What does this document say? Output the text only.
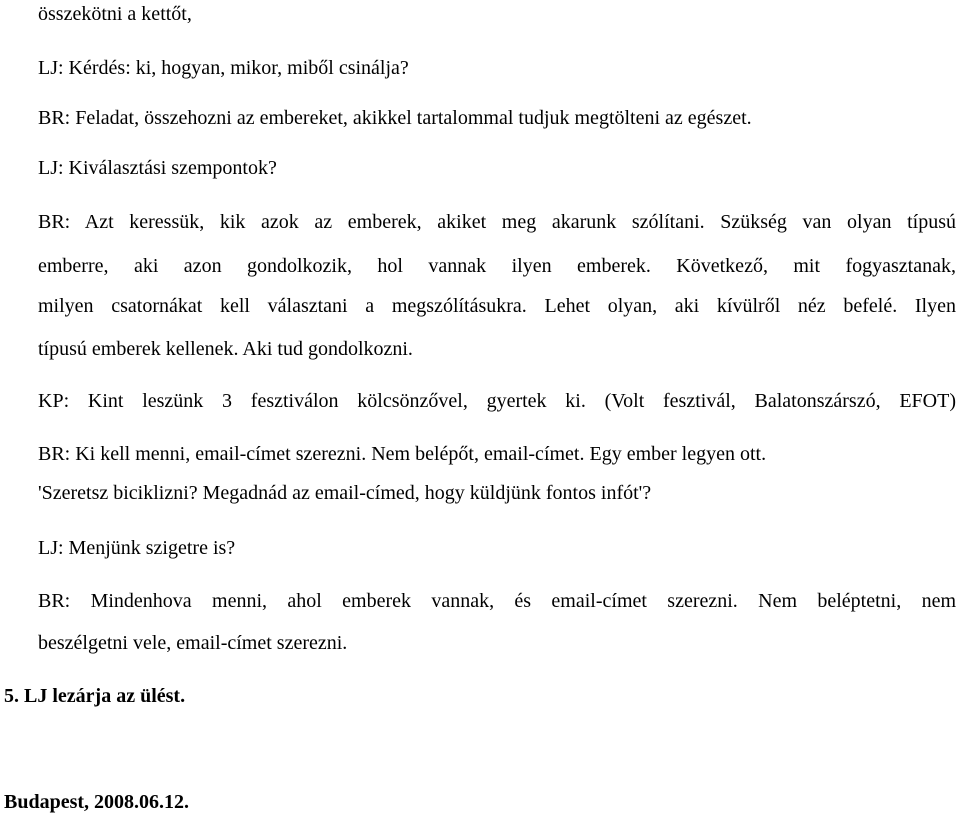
összekötni a kettőt,

LJ: Kérdés: ki, hogyan, mikor, miből csinálja?

BR: Feladat, összehozni az embereket, akikkel tartalommal tudjuk megtölteni az egészet.

LJ: Kiválasztási szempontok?

BR: Azt keressük, kik azok az emberek, akiket meg akarunk szólítani. Szükség van olyan típusú

emberre, aki azon gondolkozik, hol vannak ilyen emberek. Következő, mit fogyasztanak,

milyen csatornákat kell választani a megszólításukra. Lehet olyan, aki kívülről néz befelé. Ilyen

típusú emberek kellenek. Aki tud gondolkozni.

KP: Kint leszünk 3 fesztiválon kölcsönzővel, gyertek ki. (Volt fesztivál, Balatonszárszó, EFOT)

BR: Ki kell menni, email-címet szerezni. Nem belépőt, email-címet. Egy ember legyen ott.

'Szeretsz biciklizni? Megadnád az email-címed, hogy küldjünk fontos infót'?

LJ: Menjünk szigetre is?

BR: Mindenhova menni, ahol emberek vannak, és email-címet szerezni. Nem beléptetni, nem

beszélgetni vele, email-címet szerezni.

5. LJ lezárja az ülést.

Budapest, 2008.06.12.
